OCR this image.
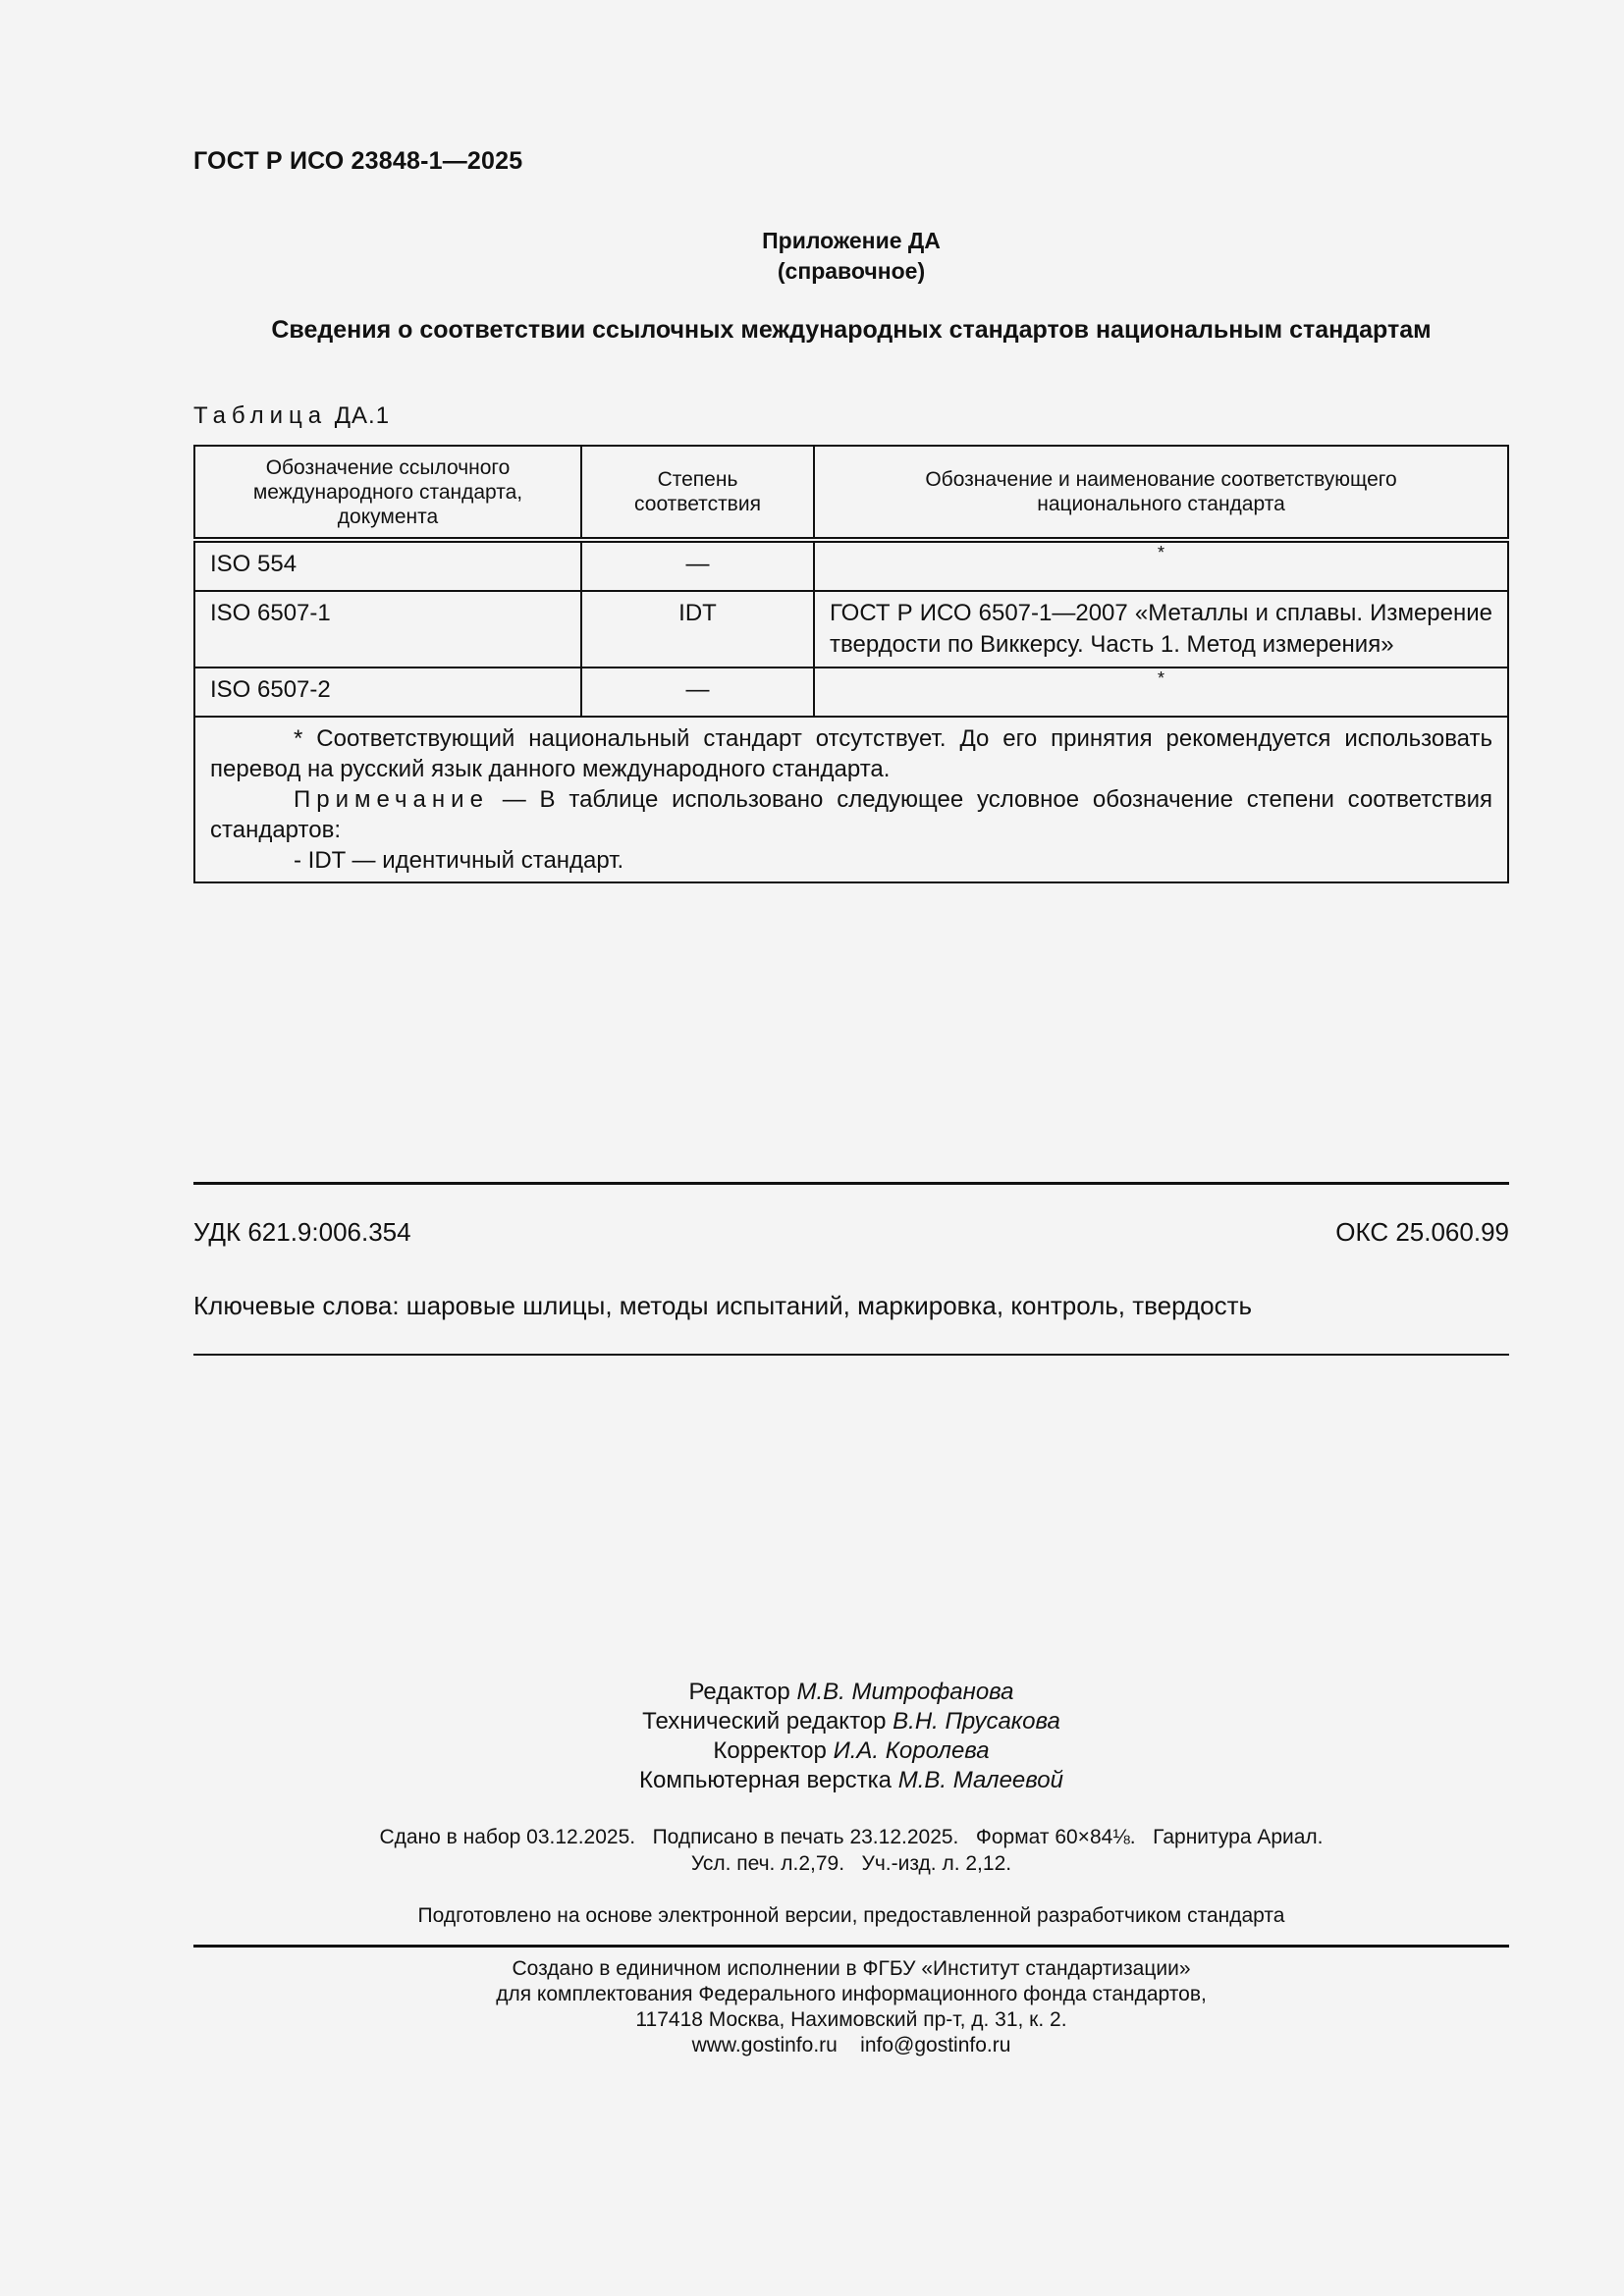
ГОСТ Р ИСО 23848-1—2025
Приложение ДА
(справочное)
Сведения о соответствии ссылочных международных стандартов национальным стандартам
Таблица ДА.1
Обозначение ссылочного международного стандарта, документа	Степень соответствия	Обозначение и наименование соответствующего национального стандарта
ISO 554	—	*
ISO 6507-1	IDT	ГОСТ Р ИСО 6507-1—2007 «Металлы и сплавы. Измерение твердости по Виккерсу. Часть 1. Метод измерения»
ISO 6507-2	—	*

* Соответствующий национальный стандарт отсутствует. До его принятия рекомендуется использовать перевод на русский язык данного международного стандарта.

Примечание — В таблице использовано следующее условное обозначение степени соответствия стандартов:

- IDT — идентичный стандарт.		

УДК 621.9:006.354	ОКС 25.060.99
Ключевые слова: шаровые шлицы, методы испытаний, маркировка, контроль, твердость
Редактор М.В. Митрофанова
Технический редактор В.Н. Прусакова
Корректор И.А. Королева
Компьютерная верстка М.В. Малеевой
Сдано в набор 03.12.2025.   Подписано в печать 23.12.2025.   Формат 60×84⅛.   Гарнитура Ариал.
Усл. печ. л.2,79.   Уч.-изд. л. 2,12.
Подготовлено на основе электронной версии, предоставленной разработчиком стандарта
Создано в единичном исполнении в ФГБУ «Институт стандартизации»
для комплектования Федерального информационного фонда стандартов,
117418 Москва, Нахимовский пр-т, д. 31, к. 2.
www.gostinfo.ru    info@gostinfo.ru
